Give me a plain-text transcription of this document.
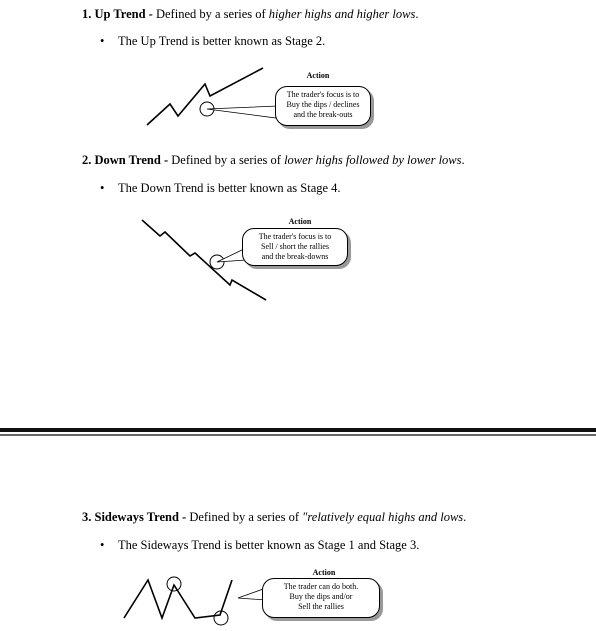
1. Up Trend - Defined by a series of higher highs and higher lows.
• The Up Trend is better known as Stage 2.
2. Down Trend - Defined by a series of lower highs followed by lower lows.
• The Down Trend is better known as Stage 4.
3. Sideways Trend - Defined by a series of "relatively equal highs and lows.
• The Sideways Trend is better known as Stage 1 and Stage 3.
Action
The trader's focus is to
Buy the dips / declines
and the break-outs
Action
The trader's focus is to
Sell / short the rallies
and the break-downs
Action
The trader can do both.
Buy the dips and/or
Sell the rallies
